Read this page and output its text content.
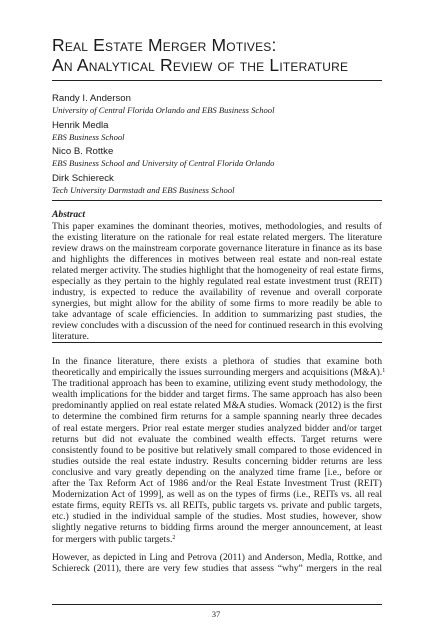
Real Estate Merger Motives:
An Analytical Review of the Literature
Randy I. Anderson
University of Central Florida Orlando and EBS Business School
Henrik Medla
EBS Business School
Nico B. Rottke
EBS Business School and University of Central Florida Orlando
Dirk Schiereck
Tech University Darmstadt and EBS Business School
Abstract
This paper examines the dominant theories, motives, methodologies, and results of
the existing literature on the rationale for real estate related mergers. The literature
review draws on the mainstream corporate governance literature in finance as its base
and highlights the differences in motives between real estate and non-real estate
related merger activity. The studies highlight that the homogeneity of real estate firms,
especially as they pertain to the highly regulated real estate investment trust (REIT)
industry, is expected to reduce the availability of revenue and overall corporate
synergies, but might allow for the ability of some firms to more readily be able to
take advantage of scale efficiencies. In addition to summarizing past studies, the
review concludes with a discussion of the need for continued research in this evolving
literature.
In the finance literature, there exists a plethora of studies that examine both
theoretically and empirically the issues surrounding mergers and acquisitions (M&A).$^1$
The traditional approach has been to examine, utilizing event study methodology, the
wealth implications for the bidder and target firms. The same approach has also been
predominantly applied on real estate related M&A studies. Womack (2012) is the first
to determine the combined firm returns for a sample spanning nearly three decades
of real estate mergers. Prior real estate merger studies analyzed bidder and/or target
returns but did not evaluate the combined wealth effects. Target returns were
consistently found to be positive but relatively small compared to those evidenced in
studies outside the real estate industry. Results concerning bidder returns are less
conclusive and vary greatly depending on the analyzed time frame [i.e., before or
after the Tax Reform Act of 1986 and/or the Real Estate Investment Trust (REIT)
Modernization Act of 1999], as well as on the types of firms (i.e., REITs vs. all real
estate firms, equity REITs vs. all REITs, public targets vs. private and public targets,
etc.) studied in the individual sample of the studies. Most studies, however, show
slightly negative returns to bidding firms around the merger announcement, at least
for mergers with public targets.$^2$
However, as depicted in Ling and Petrova (2011) and Anderson, Medla, Rottke, and
Schiereck (2011), there are very few studies that assess “why” mergers in the real
37
